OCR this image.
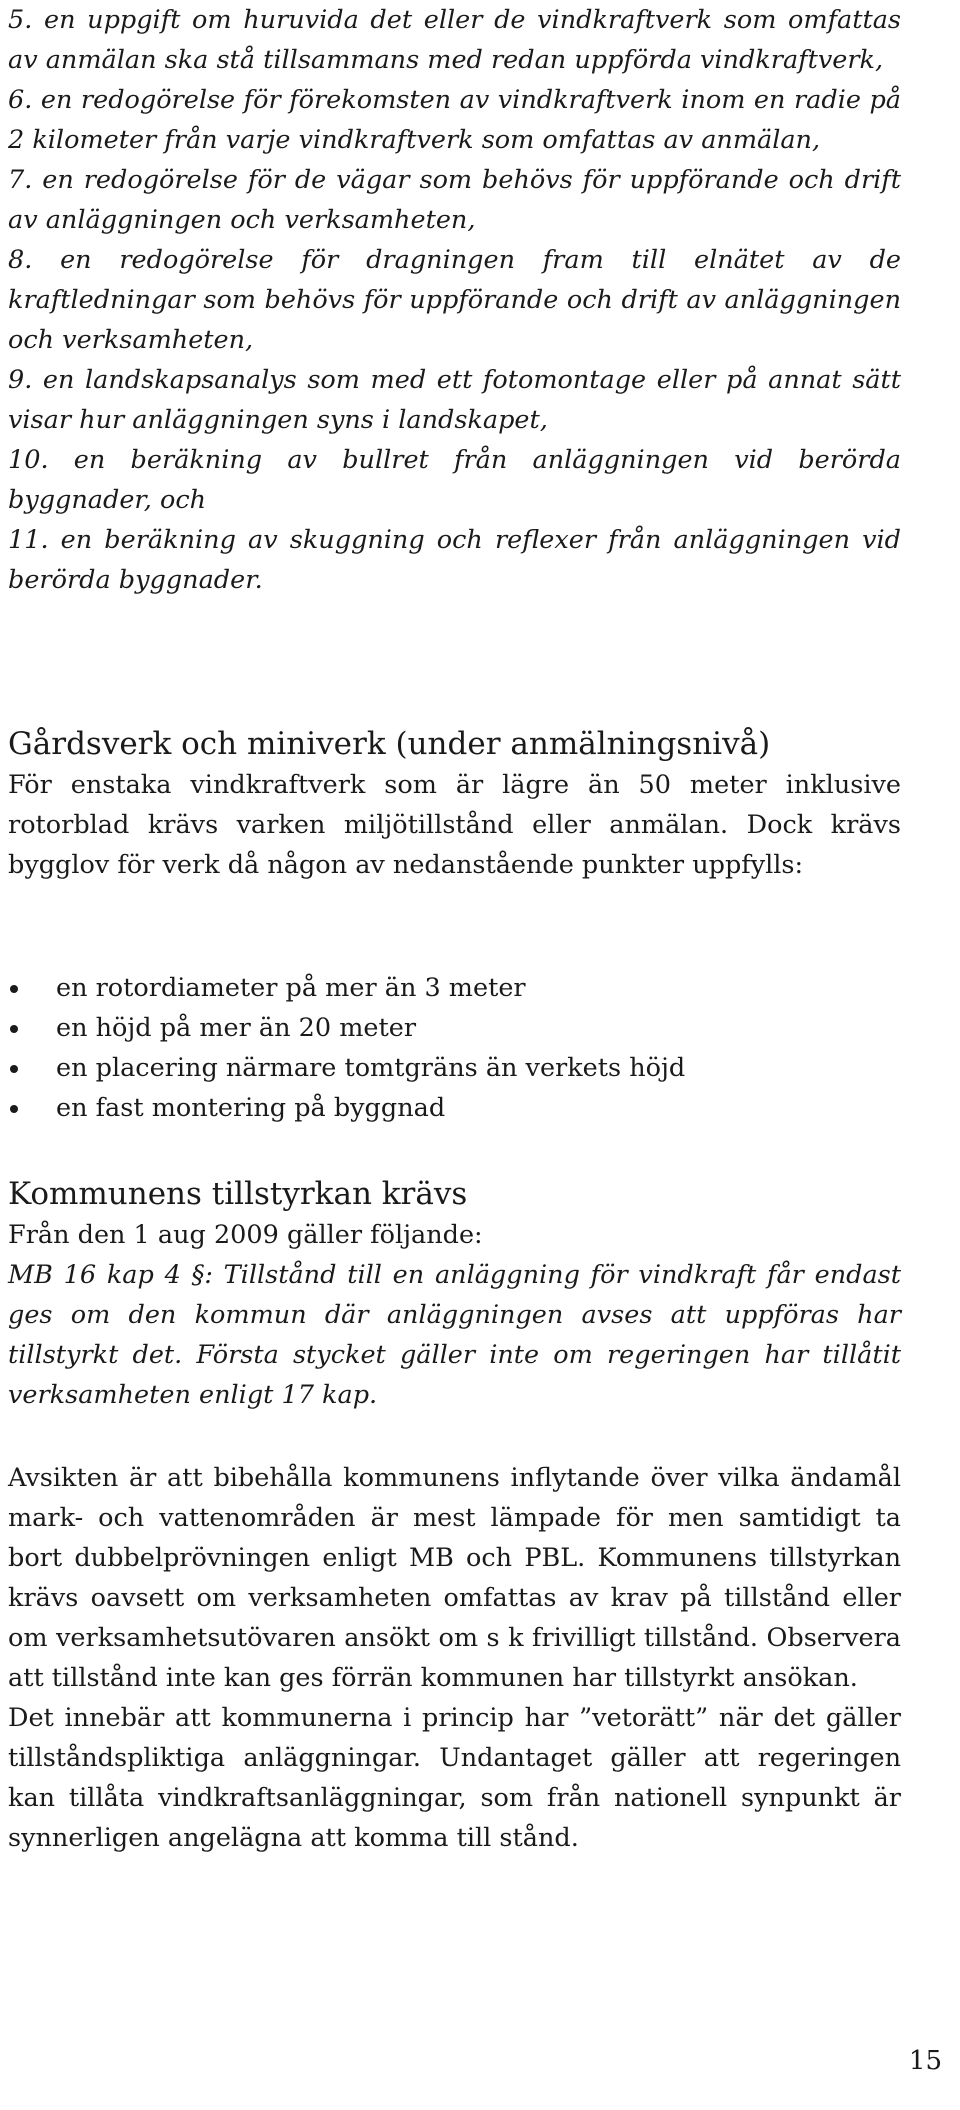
5. en uppgift om huruvida det eller de vindkraftverk som omfattas av anmälan ska stå tillsammans med redan uppförda vindkraftverk,

6. en redogörelse för förekomsten av vindkraftverk inom en radie på 2 kilometer från varje vindkraftverk som omfattas av anmälan,

7. en redogörelse för de vägar som behövs för uppförande och drift av anläggningen och verksamheten,

8. en redogörelse för dragningen fram till elnätet av de kraftledningar som behövs för uppförande och drift av anläggningen och verksamheten,

9. en landskapsanalys som med ett fotomontage eller på annat sätt visar hur anläggningen syns i landskapet,

10. en beräkning av bullret från anläggningen vid berörda byggnader, och

11. en beräkning av skuggning och reflexer från anläggningen vid berörda byggnader.

Gårdsverk och miniverk (under anmälningsnivå)

För enstaka vindkraftverk som är lägre än 50 meter inklusive rotorblad krävs varken miljötillstånd eller anmälan. Dock krävs bygglov för verk då någon av nedanstående punkter uppfylls:

en rotordiameter på mer än 3 meter
en höjd på mer än 20 meter
en placering närmare tomtgräns än verkets höjd
en fast montering på byggnad
Kommunens tillstyrkan krävs

Från den 1 aug 2009 gäller följande:

MB 16 kap 4 §: Tillstånd till en anläggning för vindkraft får endast ges om den kommun där anläggningen avses att uppföras har tillstyrkt det. Första stycket gäller inte om regeringen har tillåtit verksamheten enligt 17 kap.

Avsikten är att bibehålla kommunens inflytande över vilka ändamål mark- och vattenområden är mest lämpade för men samtidigt ta bort dubbelprövningen enligt MB och PBL. Kommunens tillstyrkan krävs oavsett om verksamheten omfattas av krav på tillstånd eller om verksamhetsutövaren ansökt om s k frivilligt tillstånd. Observera att tillstånd inte kan ges förrän kommunen har tillstyrkt ansökan.

Det innebär att kommunerna i princip har ”vetorätt” när det gäller tillståndspliktiga anläggningar. Undantaget gäller att regeringen kan tillåta vindkraftsanläggningar, som från nationell synpunkt är synnerligen angelägna att komma till stånd.

15
